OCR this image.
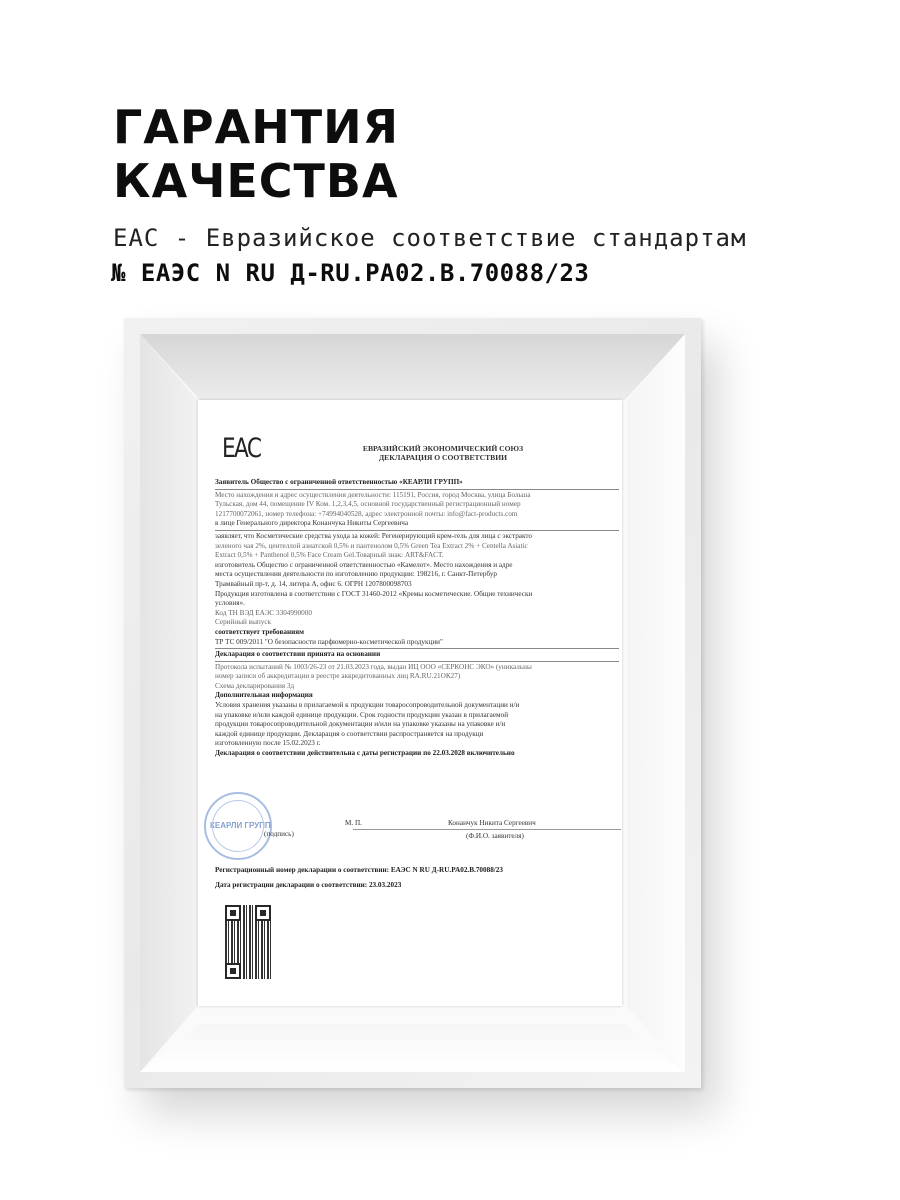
ГАРАНТИЯ
КАЧЕСТВА
EAC - Евразийское соответствие стандартам
№ ЕАЭС N RU Д-RU.PA02.B.70088/23
EAC	ЕВРАЗИЙСКИЙ ЭКОНОМИЧЕСКИЙ СОЮЗ
ДЕКЛАРАЦИЯ О СООТВЕТСТВИИ

Заявитель Общество с ограниченной ответственностью «КЕАРЛИ ГРУПП»

Место нахождения и адрес осуществления деятельности: 115191, Россия, город Москва, улица Больша

Тульская, дом 44, помещение IV Ком. 1,2,3,4,5, основной государственный регистрационный номер

1217700072061, номер телефона: +74994040528, адрес электронной почты: info@fact-products.com

в лице Генерального директора Конанчука Никиты Сергеевича

заявляет, что Косметические средства ухода за кожей: Регенерирующий крем-гель для лица с экстракто

зеленого чая 2%, центеллой азиатской 0,5% и пантенолом 0,5% Green Tea Extract 2% + Centella Asiatic

Extract 0,5% + Panthenol 0,5% Face Cream Gel.Товарный знак: ART&FACT.

изготовитель Общество с ограниченной ответственностью «Камелот». Место нахождения и адре

места осуществления деятельности по изготовлению продукции: 198216, г. Санкт-Петербур

Трамвайный пр-т, д. 14, литера А, офис 6. ОГРН 1207800098703

Продукция изготовлена в соответствии с ГОСТ 31460-2012 «Кремы косметические. Общие технически

условия».

Код ТН ВЭД ЕАЭС 3304990000

Серийный выпуск

соответствует требованиям

ТР ТС 009/2011 "О безопасности парфюмерно-косметической продукции"

Декларация о соответствии принята на основании

Протокола испытаний № 1003/26-23 от 21.03.2023 года, выдан ИЦ ООО «СЕРКОНС ЭКО» (уникальны

номер записи об аккредитации в реестре аккредитованных лиц RA.RU.21ОК27)

Схема декларирования 3д

Дополнительная информация

Условия хранения указаны в прилагаемой к продукции товаросопроводительной документации и/и

на упаковке и/или каждой единице продукции. Срок годности продукции указан в прилагаемой

продукции товаросопроводительной документации и/или на упаковке указаны на упаковке и/и

каждой единице продукции. Декларация о соответствии распространяется на продукци

изготовленную после 15.02.2023 г.

Декларация о соответствии действительна с даты регистрации по 22.03.2028 включительно

КЕАРЛИ ГРУПП
(подпись)
М. П.	Конанчук Никита Сергеевич
(Ф.И.О. заявителя)

Регистрационный номер декларации о соответствии: ЕАЭС N RU Д-RU.PA02.B.70088/23

Дата регистрации декларации о соответствии: 23.03.2023
